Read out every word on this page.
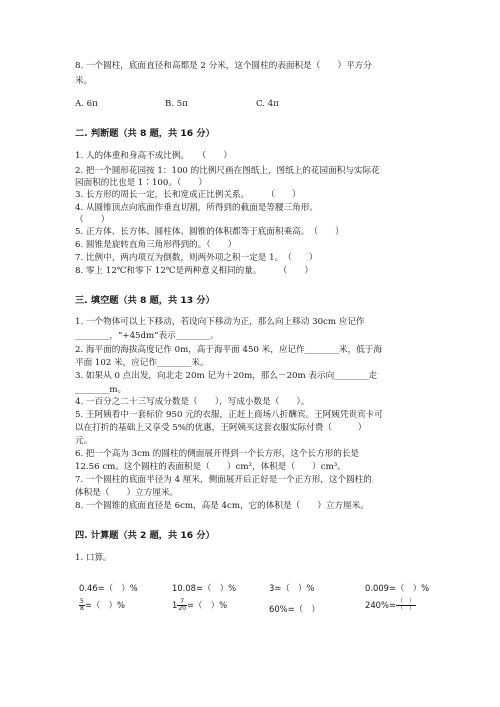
8. 一个圆柱，底面直径和高都是 2 分米，这个圆柱的表面积是（　　）平方分
米。
A. 6π	B. 5π	C. 4π
二. 判断题（共 8 题，共 16 分）
1. 人的体重和身高不成比例。　　（　　）
2. 把一个圆形花园按 1：100 的比例尺画在图纸上，图纸上的花园面积与实际花
园面积的比也是 1∶100。（　　）
3. 长方形的周长一定，长和宽成正比例关系。　　　（　　）
4. 从圆锥顶点向底面作垂直切割，所得到的截面是等腰三角形。
（　　）
5. 正方体、长方体、圆柱体、圆锥的体积都等于底面积乘高。　（　　）
6. 圆锥是旋转直角三角形得到的。（　　）
7. 比例中，两内项互为倒数，则两外项之积一定是 1。　（　　）
8. 零上 12℃和零下 12℃是两种意义相同的量。　　　（　　）
三. 填空题（共 8 题，共 13 分）
1. 一个物体可以上下移动，若设向下移动为正，那么向上移动 30cm 应记作
________，“+45dm”表示________。
2. 海平面的海拔高度记作 0m，高于海平面 450 米，应记作________米，低于海
平面 102 米，应记作________米。
3. 如果从 0 点出发，向北走 20m 记为＋20m，那么－20m 表示向________走
________m。
4. 一百分之二十三写成分数是（　　），写成小数是（　　）。
5. 王阿姨看中一套标价 950 元的衣服，正赶上商场八折酬宾。王阿姨凭贵宾卡可
以在打折的基础上又享受 5%的优惠，王阿姨买这套衣服实际付费（　　　）
元。
6. 把一个高为 3cm 的圆柱的侧面展开得到一个长方形，这个长方形的长是
12.56 cm。这个圆柱的表面积是（　　）cm²，体积是（　　）cm³。
7. 一个圆柱的底面半径为 4 厘米，侧面展开后正好是一个正方形，这个圆柱的
体积是（　　）立方厘米。
8. 一个圆锥的底面直径是 6cm，高是 4cm，它的体积是（　　）立方厘米。
四. 计算题（共 2 题，共 16 分）
1. 口算。
0.46=（　）%	10.08=（　）%	3=（　）%	0.009=（　）%
$\frac{5}{8}$ =（　）%	$1 \frac{7}{20}$ =（　）%	60%=（　）	$240\%= \frac{( )}{( )}$
